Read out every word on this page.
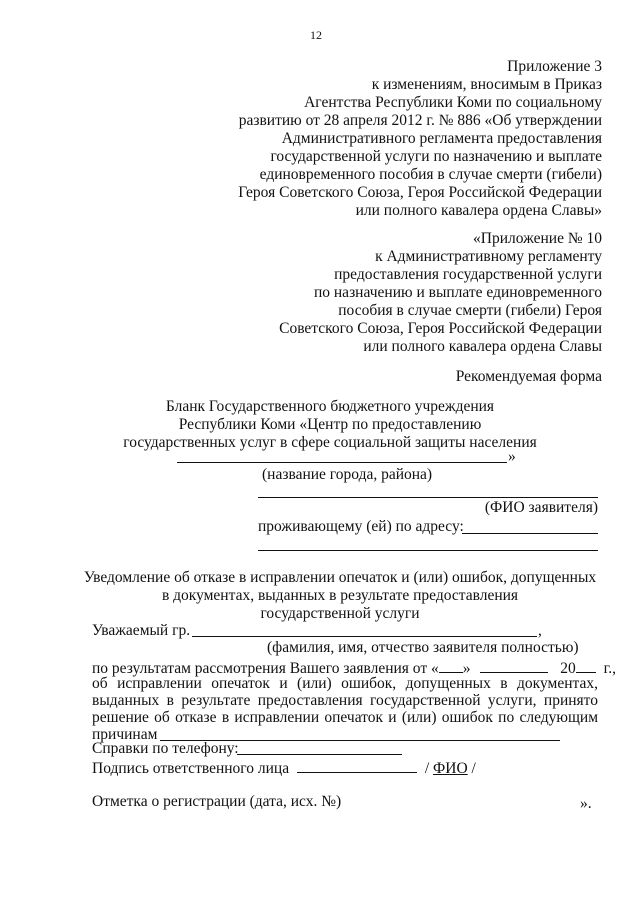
12
Приложение 3
к изменениям, вносимым в Приказ
Агентства Республики Коми по социальному
развитию от 28 апреля 2012 г. № 886 «Об утверждении
Административного регламента предоставления
государственной услуги по назначению и выплате
единовременного пособия в случае смерти (гибели)
Героя Советского Союза, Героя Российской Федерации
или полного кавалера ордена Славы»
«Приложение № 10
к Административному регламенту
предоставления государственной услуги
по назначению и выплате единовременного
пособия в случае смерти (гибели) Героя
Советского Союза, Героя Российской Федерации
или полного кавалера ордена Славы
Рекомендуемая форма
Бланк Государственного бюджетного учреждения
Республики Коми «Центр по предоставлению
государственных услуг в сфере социальной защиты населения
»
(название города, района)
(ФИО заявителя)
проживающему (ей) по адресу:
Уведомление об отказе в исправлении опечаток и (или) ошибок, допущенных
в документах, выданных в результате предоставления
государственной услуги
Уважаемый гр.	,
(фамилия, имя, отчество заявителя полностью)
по результатам рассмотрения Вашего заявления от « »	20 г.,
об исправлении опечаток и (или) ошибок, допущенных в документах,
выданных в результате предоставления государственной услуги, принято
решение об отказе в исправлении опечаток и (или) ошибок по следующим
причинам
Справки по телефону:
Подпись ответственного лица	/ ФИО /
Отметка о регистрации (дата, исх. №)	».
